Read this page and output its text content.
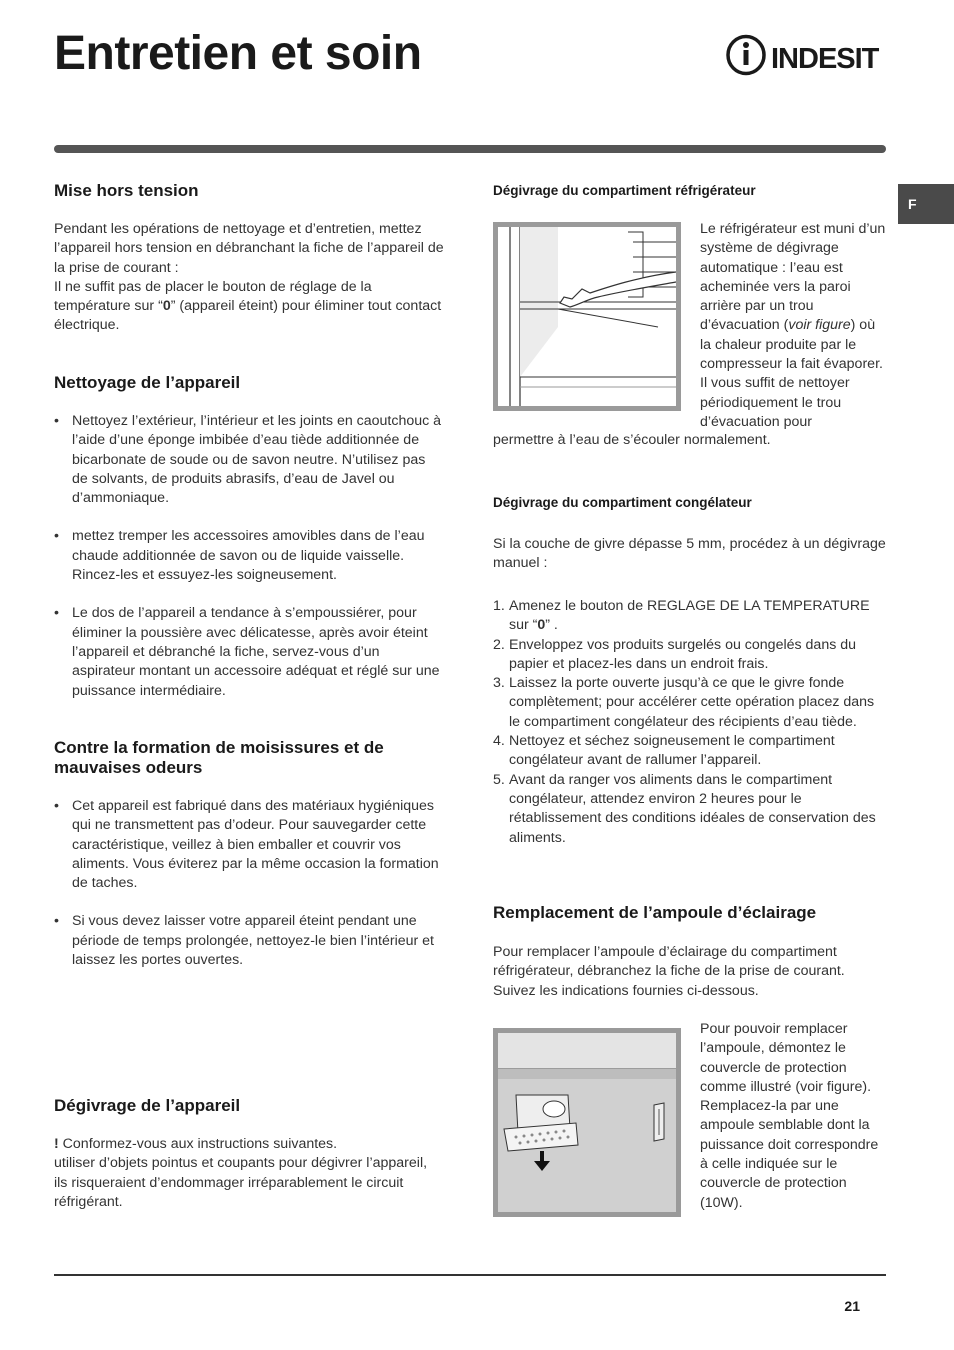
Entretien et soin	INDESIT
F
Mise hors tension

Pendant les opérations de nettoyage et d’entretien, mettez l’appareil hors tension en débranchant la fiche de l’appareil de la prise de courant :

Il ne suffit pas de placer le bouton de réglage de la température sur “0” (appareil éteint) pour éliminer tout contact électrique.

Nettoyage de l’appareil
• Nettoyez l’extérieur, l’intérieur et les joints en caoutchouc à l’aide d’une éponge imbibée d’eau tiède additionnée de bicarbonate de soude ou de savon neutre. N’utilisez pas de solvants, de produits abrasifs, d’eau de Javel ou d’ammoniaque.
• mettez tremper les accessoires amovibles dans de l’eau chaude additionnée de savon ou de liquide vaisselle. Rincez-les et essuyez-les soigneusement.
• Le dos de l’appareil a tendance à s’empoussiérer, pour éliminer la poussière avec délicatesse, après avoir éteint l’appareil et débranché la fiche, servez-vous d’un aspirateur montant un accessoire adéquat et réglé sur une puissance intermédiaire.
Contre la formation de moisissures et de mauvaises odeurs
• Cet appareil est fabriqué dans des matériaux hygiéniques qui ne transmettent pas d’odeur. Pour sauvegarder cette caractéristique, veillez à bien emballer et couvrir vos aliments. Vous éviterez par la même occasion la formation de taches.
• Si vous devez laisser votre appareil éteint pendant une période de temps prolongée, nettoyez-le bien l’intérieur et laissez les portes ouvertes.
Dégivrage de l’appareil

! Conformez-vous aux instructions suivantes.

utiliser d’objets pointus et coupants pour dégivrer l’appareil, ils risqueraient d’endommager irréparablement le circuit réfrigérant.

Dégivrage du compartiment réfrigérateur

Le réfrigérateur est muni d’un système de dégivrage automatique : l’eau est acheminée vers la paroi arrière par un trou d’évacuation (voir figure) où la chaleur produite par le compresseur la fait évaporer. Il vous suffit de nettoyer périodiquement le trou d’évacuation pour

permettre à l’eau de s’écouler normalement.
Dégivrage du compartiment congélateur
Si la couche de givre dépasse 5 mm, procédez à un dégivrage manuel :
1. Amenez le bouton de REGLAGE DE LA TEMPERATURE sur “0” .
2. Enveloppez vos produits surgelés ou congelés dans du papier et placez-les dans un endroit frais.
3. Laissez la porte ouverte jusqu’à ce que le givre fonde complètement; pour accélérer cette opération placez dans le compartiment congélateur des récipients d’eau tiède.
4. Nettoyez et séchez soigneusement le compartiment congélateur avant de rallumer l’appareil.
5. Avant da ranger vos aliments dans le compartiment congélateur, attendez environ 2 heures pour le rétablissement des conditions idéales de conservation des aliments.
Remplacement de l’ampoule d’éclairage
Pour remplacer l’ampoule d’éclairage du compartiment réfrigérateur, débranchez la fiche de la prise de courant. Suivez les indications fournies ci-dessous.
Pour pouvoir remplacer l’ampoule, démontez le couvercle de protection comme illustré (voir figure). Remplacez-la par une ampoule semblable dont la puissance doit correspondre à celle indiquée sur le couvercle de protection (10W).
21
